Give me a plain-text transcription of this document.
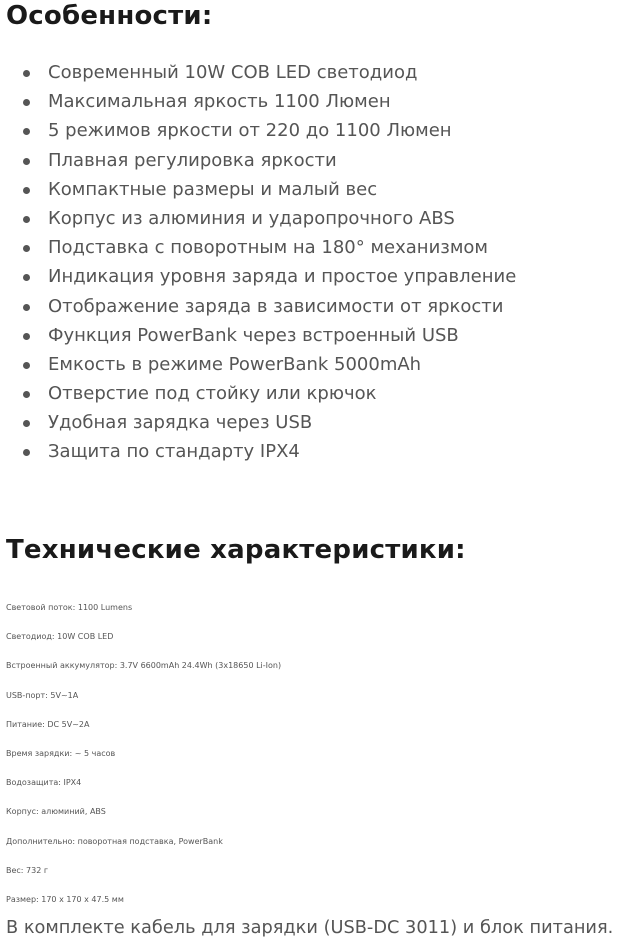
Особенности:
Современный 10W COB LED светодиод
Максимальная яркость 1100 Люмен
5 режимов яркости от 220 до 1100 Люмен
Плавная регулировка яркости
Компактные размеры и малый вес
Корпус из алюминия и ударопрочного ABS
Подставка с поворотным на 180° механизмом
Индикация уровня заряда и простое управление
Отображение заряда в зависимости от яркости
Функция PowerBank через встроенный USB
Емкость в режиме PowerBank 5000mAh
Отверстие под стойку или крючок
Удобная зарядка через USB
Защита по стандарту IPX4
Технические характеристики:
Световой поток: 1100 Lumens
Светодиод: 10W COB LED
Встроенный аккумулятор: 3.7V 6600mAh 24.4Wh (3x18650 Li-Ion)
USB-порт: 5V~1A
Питание: DC 5V~2A
Время зарядки: ~ 5 часов
Водозащита: IPX4
Корпус: алюминий, ABS
Дополнительно: поворотная подставка, PowerBank
Вес: 732 г
Размер: 170 х 170 х 47.5 мм
В комплекте кабель для зарядки (USB-DC 3011) и блок питания.
